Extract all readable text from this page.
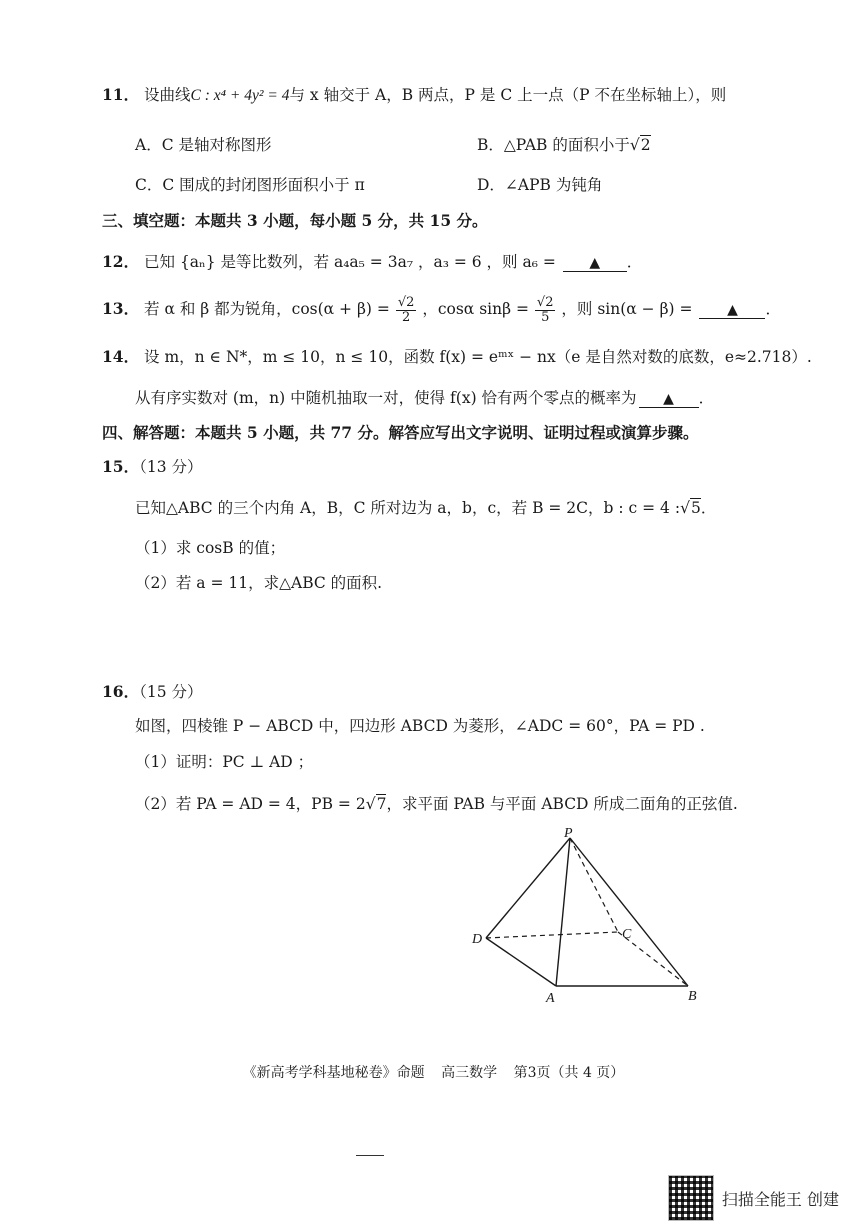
11． 设曲线C : x⁴ + 4y² = 4与 x 轴交于 A，B 两点，P 是 C 上一点（P 不在坐标轴上），则
A．C 是轴对称图形	B．△PAB 的面积小于√2
C．C 围成的封闭图形面积小于 π	D．∠APB 为钝角
三、填空题：本题共 3 小题，每小题 5 分，共 15 分。
12． 已知 {aₙ} 是等比数列，若 a₄a₅ = 3a₇ ，a₃ = 6 ，则 a₆ = ▲ ．
13． 若 α 和 β 都为锐角，$\cos(\alpha + \beta) = \frac{√2}{2}$ ，cosα $\sin\beta = \frac{√2}{5}$ ，则 sin(α − β) = ▲ ．
14． 设 m，n ∈ N*，m ≤ 10，n ≤ 10，函数 f(x) = eᵐˣ − nx（e 是自然对数的底数，e≈2.718）.
从有序实数对 (m，n) 中随机抽取一对，使得 f(x) 恰有两个零点的概率为 ▲ ．
四、解答题：本题共 5 小题，共 77 分。解答应写出文字说明、证明过程或演算步骤。
15．（13 分）
已知△ABC 的三个内角 A，B，C 所对边为 a，b，c，若 B = 2C，b : c = 4 :√5．
（1）求 cosB 的值；
（2）若 a = 11，求△ABC 的面积.
16．（15 分）
如图，四棱锥 P − ABCD 中，四边形 ABCD 为菱形，∠ADC = 60°，PA = PD .
（1）证明：PC ⊥ AD ；
（2）若 PA = AD = 4，PB = 2√7，求平面 PAB 与平面 ABCD 所成二面角的正弦值.
P
D	C
A	B
《新高考学科基地秘卷》命题 高三数学 第3页（共 4 页）
扫描全能王 创建
